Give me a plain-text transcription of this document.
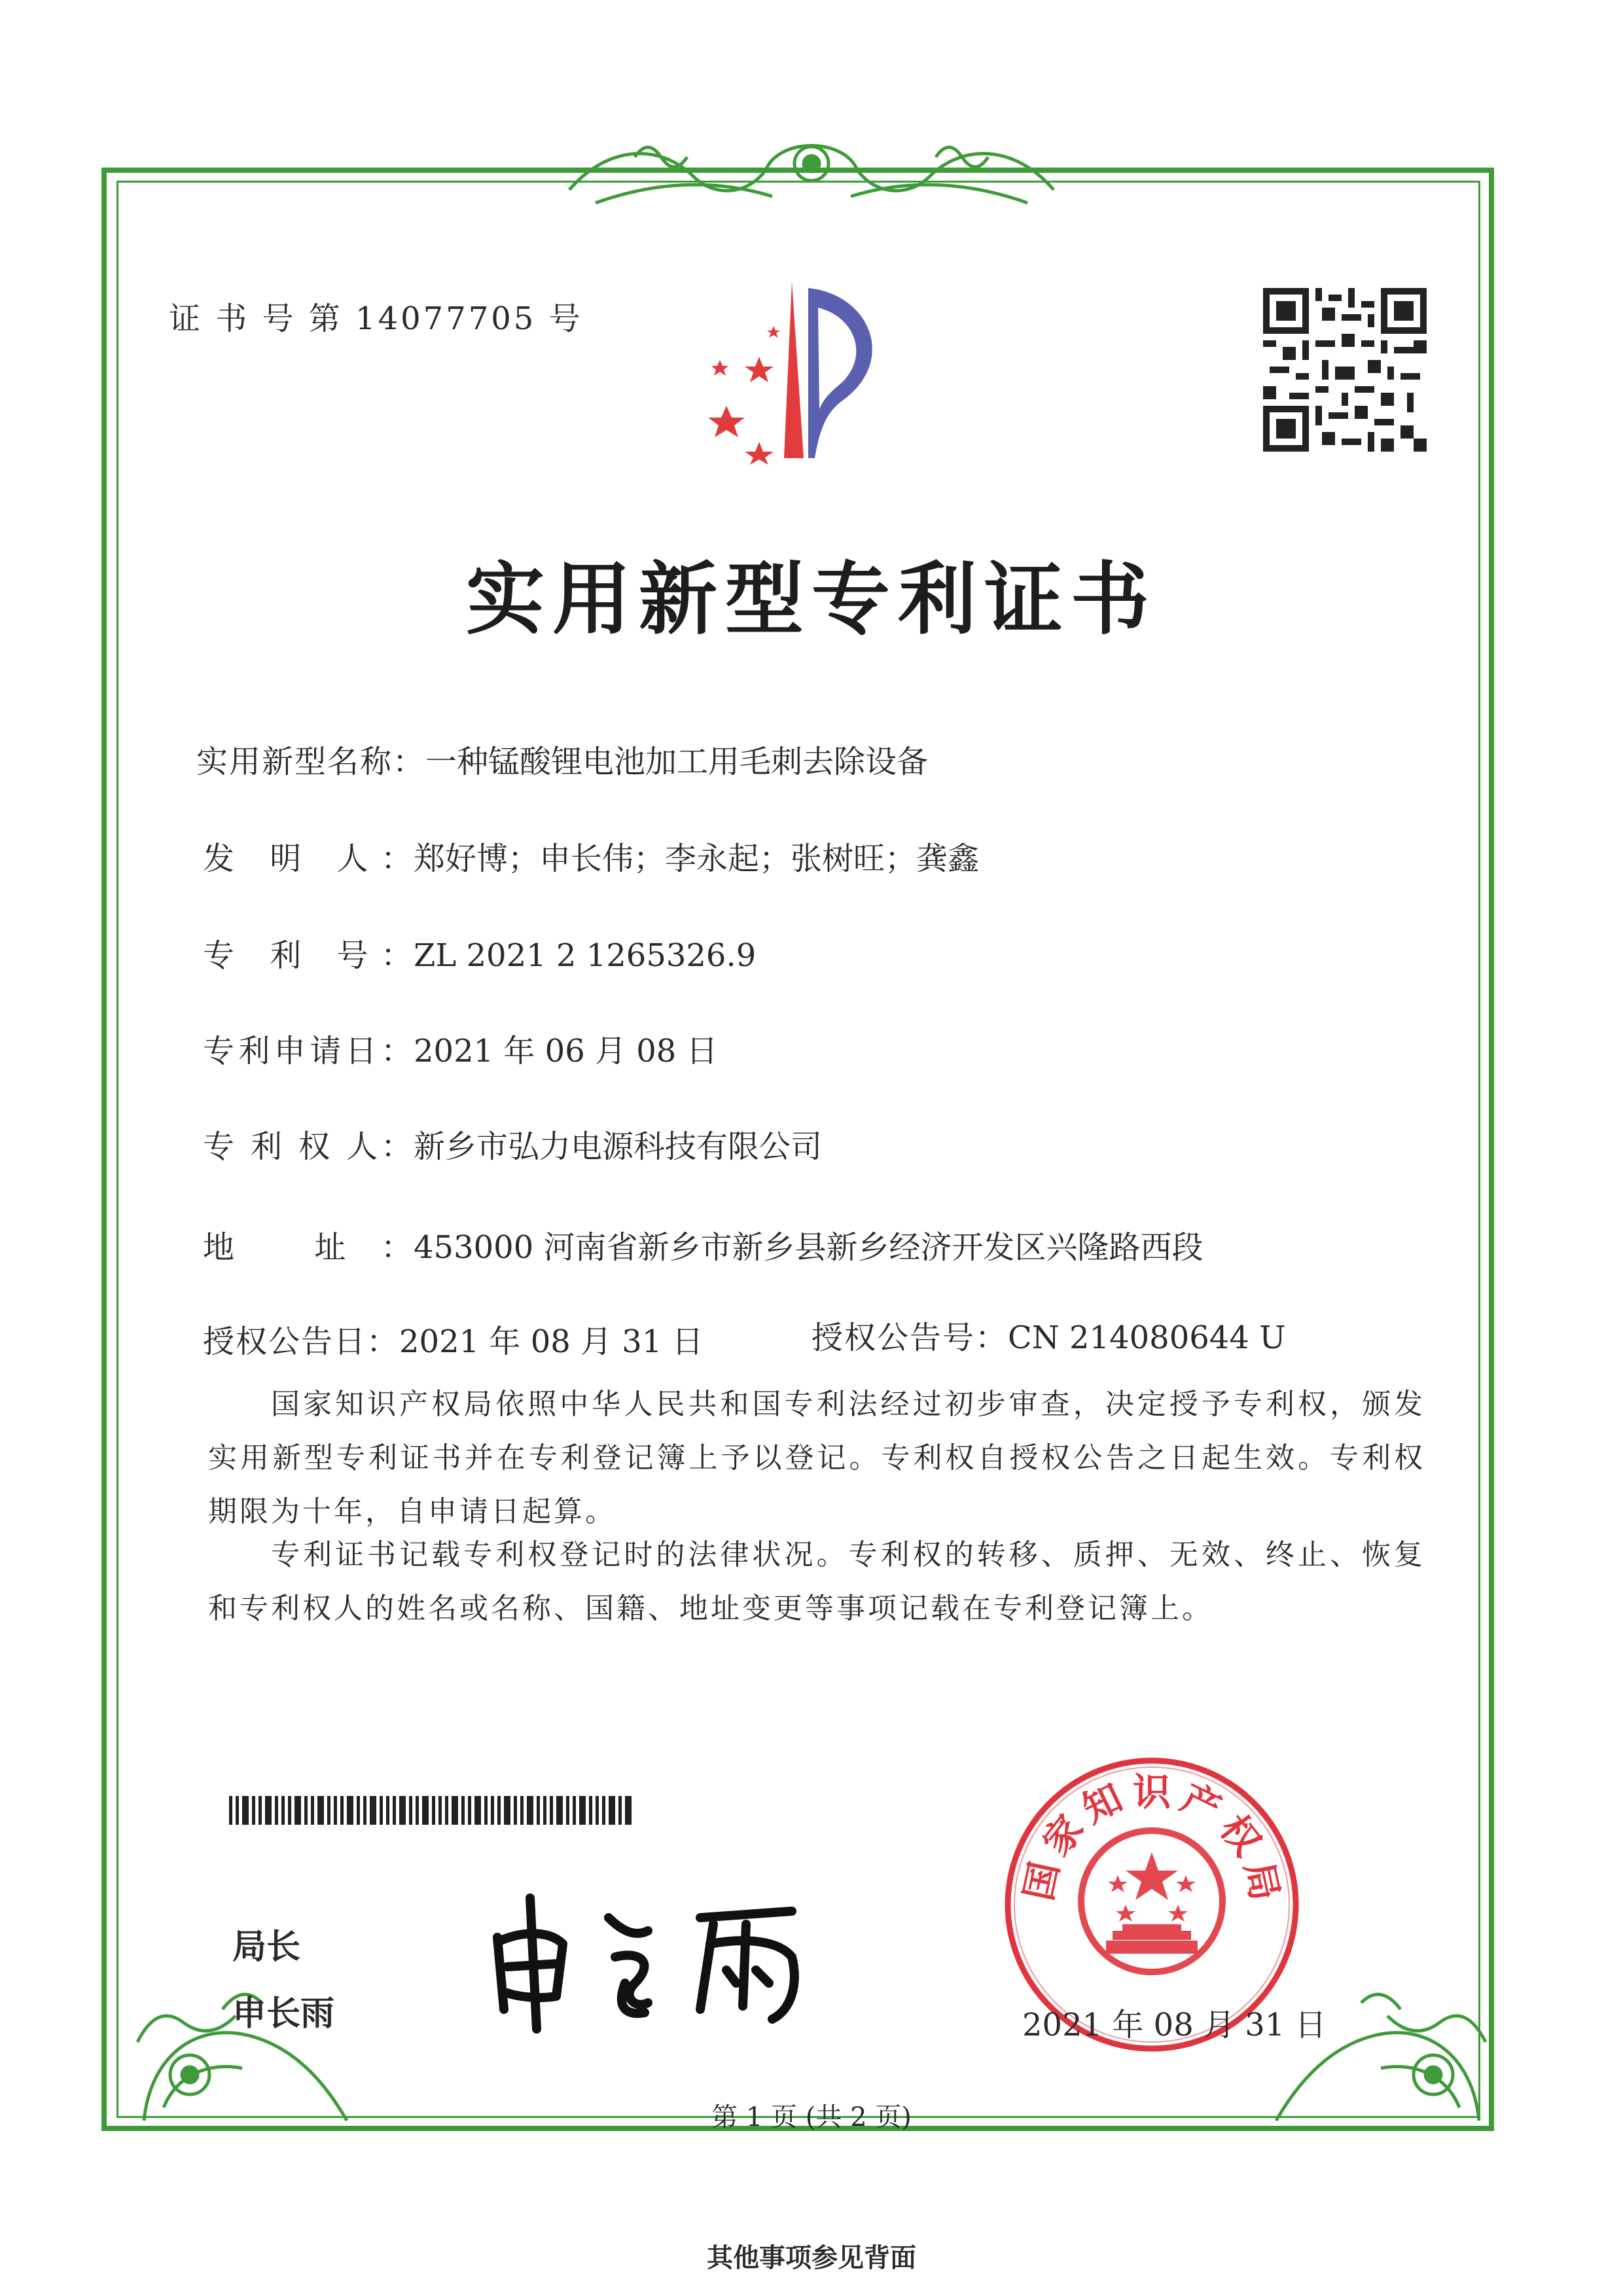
证 书 号 第 14077705 号
实用新型专利证书
实用新型名称：一种锰酸锂电池加工用毛刺去除设备
发 明 人：郑好博；申长伟；李永起；张树旺；龚鑫
专 利 号：ZL 2021 2 1265326.9
专利申请日：2021 年 06 月 08 日
专 利 权 人：新乡市弘力电源科技有限公司
地 址：453000 河南省新乡市新乡县新乡经济开发区兴隆路西段
授权公告日：2021 年 08 月 31 日	授权公告号：CN 214080644 U
国家知识产权局依照中华人民共和国专利法经过初步审查，决定授予专利权，颁发实用新型专利证书并在专利登记簿上予以登记。专利权自授权公告之日起生效。专利权期限为十年，自申请日起算。
专利证书记载专利权登记时的法律状况。专利权的转移、质押、无效、终止、恢复和专利权人的姓名或名称、国籍、地址变更等事项记载在专利登记簿上。
局长
申长雨
国
家
知 识 产
权
局
2021 年 08 月 31 日
第 1 页 (共 2 页)
其他事项参见背面
